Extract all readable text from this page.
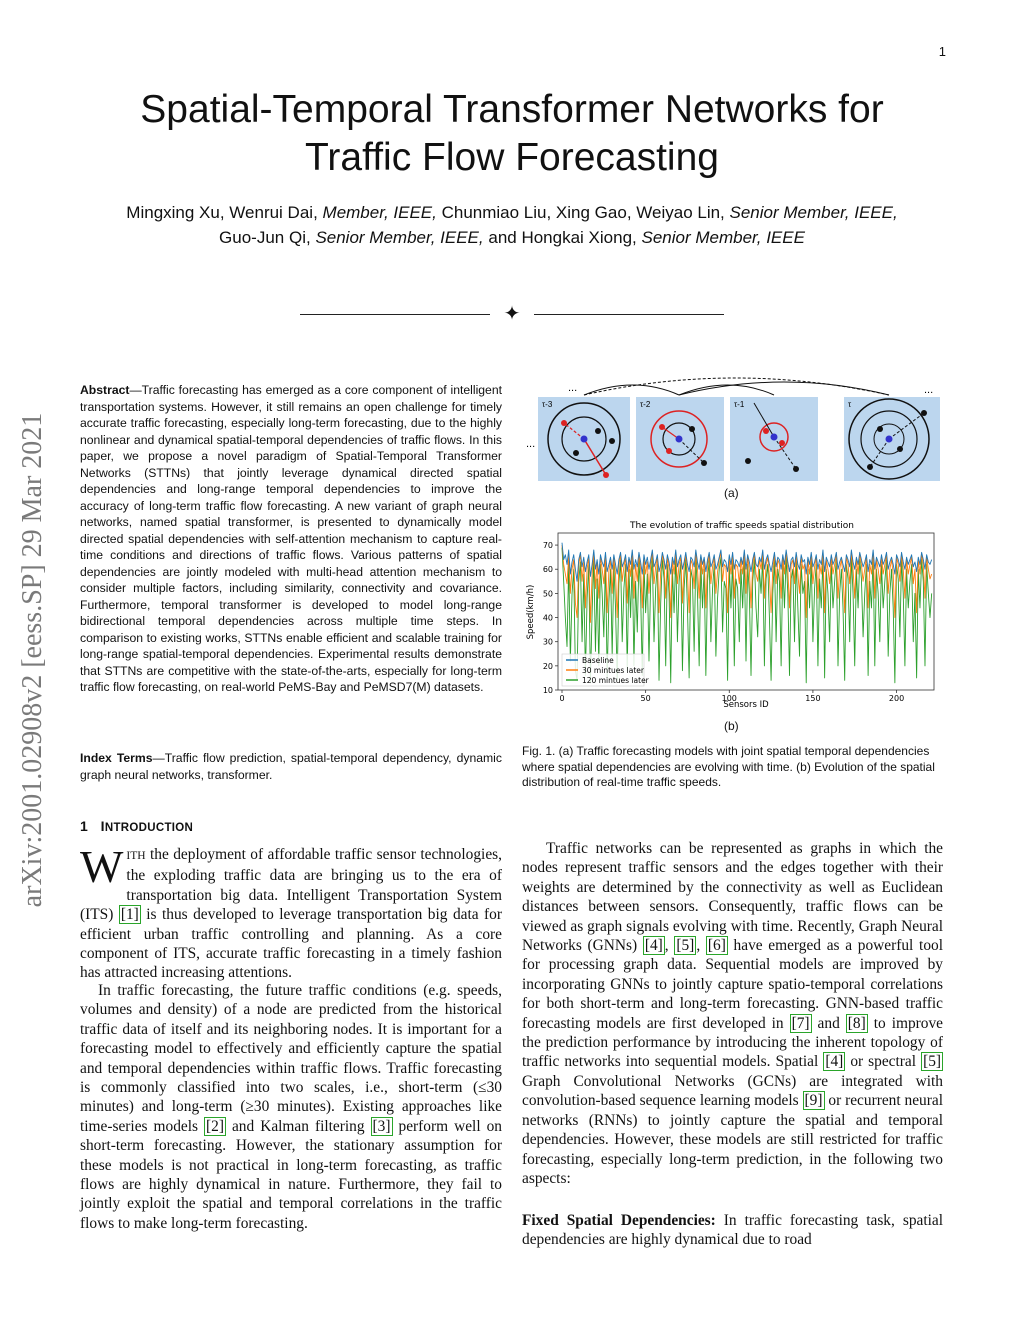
1
Spatial-Temporal Transformer Networks for
Traffic Flow Forecasting
Mingxing Xu, Wenrui Dai, Member, IEEE, Chunmiao Liu, Xing Gao, Weiyao Lin, Senior Member, IEEE,
Guo-Jun Qi, Senior Member, IEEE, and Hongkai Xiong, Senior Member, IEEE
✦
arXiv:2001.02908v2 [eess.SP] 29 Mar 2021
Abstract—Traffic forecasting has emerged as a core component of intelligent transportation systems. However, it still remains an open challenge for timely accurate traffic forecasting, especially long-term forecasting, due to the highly nonlinear and dynamical spatial-temporal dependencies of traffic flows. In this paper, we propose a novel paradigm of Spatial-Temporal Transformer Networks (STTNs) that jointly leverage dynamical directed spatial dependencies and long-range temporal dependencies to improve the accuracy of long-term traffic flow forecasting. A new variant of graph neural networks, named spatial transformer, is presented to dynamically model directed spatial dependencies with self-attention mechanism to capture real-time conditions and directions of traffic flows. Various patterns of spatial dependencies are jointly modeled with multi-head attention mechanism to consider multiple factors, including similarity, connectivity and covariance. Furthermore, temporal transformer is developed to model long-range bidirectional temporal dependencies across multiple time steps. In comparison to existing works, STTNs enable efficient and scalable training for long-range spatial-temporal dependencies. Experimental results demonstrate that STTNs are competitive with the state-of-the-arts, especially for long-term traffic flow forecasting, on real-world PeMS-Bay and PeMSD7(M) datasets.
Index Terms—Traffic flow prediction, spatial-temporal dependency, dynamic graph neural networks, transformer.
1 INTRODUCTION
WITH the deployment of affordable traffic sensor technologies, the exploding traffic data are bringing us to the era of transportation big data. Intelligent Transportation System (ITS) [1] is thus developed to leverage transportation big data for efficient urban traffic controlling and planning. As a core component of ITS, accurate traffic forecasting in a timely fashion has attracted increasing attentions.
In traffic forecasting, the future traffic conditions (e.g. speeds, volumes and density) of a node are predicted from the historical traffic data of itself and its neighboring nodes. It is important for a forecasting model to effectively and efficiently capture the spatial and temporal dependencies within traffic flows. Traffic forecasting is commonly classified into two scales, i.e., short-term (≤30 minutes) and long-term (≥30 minutes). Existing approaches like time-series models [2] and Kalman filtering [3] perform well on short-term forecasting. However, the stationary assumption for these models is not practical in long-term forecasting, as traffic flows are highly dynamical in nature. Furthermore, they fail to jointly exploit the spatial and temporal correlations in the traffic flows to make long-term forecasting.
Traffic networks can be represented as graphs in which the nodes represent traffic sensors and the edges together with their weights are determined by the connectivity as well as Euclidean distances between sensors. Consequently, traffic flows can be viewed as graph signals evolving with time. Recently, Graph Neural Networks (GNNs) [4] , [5] , [6] have emerged as a powerful tool for processing graph data. Sequential models are improved by incorporating GNNs to jointly capture spatio-temporal correlations for both short-term and long-term forecasting. GNN-based traffic forecasting models are first developed in [7] and [8] to improve the prediction performance by introducing the inherent topology of traffic networks into sequential models. Spatial [4] or spectral [5] Graph Convolutional Networks (GCNs) are integrated with convolution-based sequence learning models [9] or recurrent neural networks (RNNs) to jointly capture the spatial and temporal dependencies. However, these models are still restricted for traffic forecasting, especially long-term prediction, in the following two aspects:
Fixed Spatial Dependencies: In traffic forecasting task, spatial dependencies are highly dynamical due to road
...	...
...
τ-3	τ-2	τ-1	τ
(a)
The evolution of traffic speeds spatial distribution
10
20
30
40
50
60
70
0	50	100	150	200
Sensors ID
Speed(km/h)
Baseline
30 mintues later
120 mintues later
(b)
Fig. 1. (a) Traffic forecasting models with joint spatial temporal dependencies where spatial dependencies are evolving with time. (b) Evolution of the spatial distribution of real-time traffic speeds.
